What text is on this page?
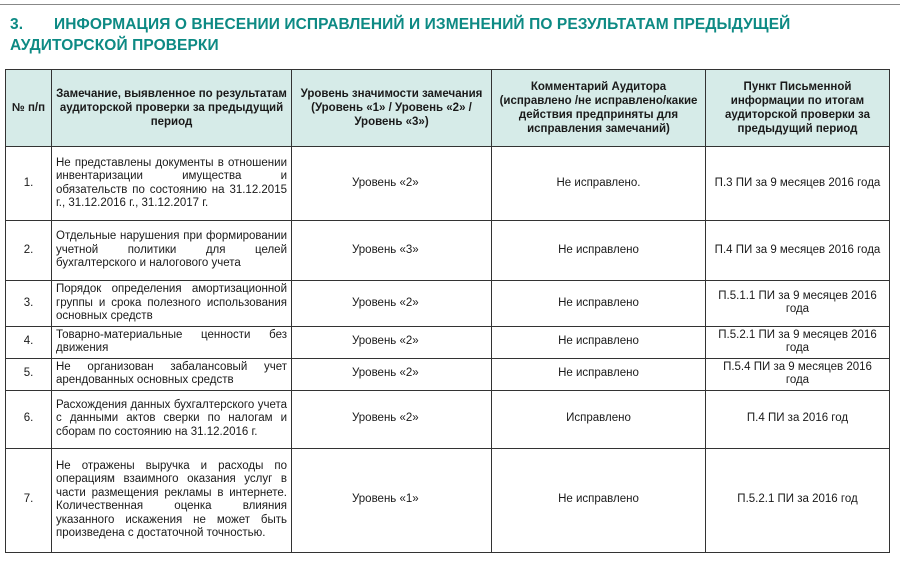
3. ИНФОРМАЦИЯ О ВНЕСЕНИИ ИСПРАВЛЕНИЙ И ИЗМЕНЕНИЙ ПО РЕЗУЛЬТАТАМ ПРЕДЫДУЩЕЙ
АУДИТОРСКОЙ ПРОВЕРКИ
№ п/п	Замечание, выявленное по результатам аудиторской проверки за предыдущий период	Уровень значимости замечания (Уровень «1» / Уровень «2» / Уровень «3»)	Комментарий Аудитора (исправлено /не исправлено/какие действия предприняты для исправления замечаний)	Пункт Письменной информации по итогам аудиторской проверки за предыдущий период
1.	Не представлены документы в отношении инвентаризации имущества и обязательств по состоянию на 31.12.2015 г., 31.12.2016 г., 31.12.2017 г.	Уровень «2»	Не исправлено.	П.3 ПИ за 9 месяцев 2016 года
2.	Отдельные нарушения при формировании учетной политики для целей бухгалтерского и налогового учета	Уровень «3»	Не исправлено	П.4 ПИ за 9 месяцев 2016 года
3.	Порядок определения амортизационной группы и срока полезного использования основных средств	Уровень «2»	Не исправлено	П.5.1.1 ПИ за 9 месяцев 2016 года
4.	Товарно-материальные ценности без движения	Уровень «2»	Не исправлено	П.5.2.1 ПИ за 9 месяцев 2016 года
5.	Не организован забалансовый учет арендованных основных средств	Уровень «2»	Не исправлено	П.5.4 ПИ за 9 месяцев 2016 года
6.	Расхождения данных бухгалтерского учета с данными актов сверки по налогам и сборам по состоянию на 31.12.2016 г.	Уровень «2»	Исправлено	П.4 ПИ за 2016 год
7.	Не отражены выручка и расходы по операциям взаимного оказания услуг в части размещения рекламы в интернете. Количественная оценка влияния указанного искажения не может быть произведена с достаточной точностью.	Уровень «1»	Не исправлено	П.5.2.1 ПИ за 2016 год
